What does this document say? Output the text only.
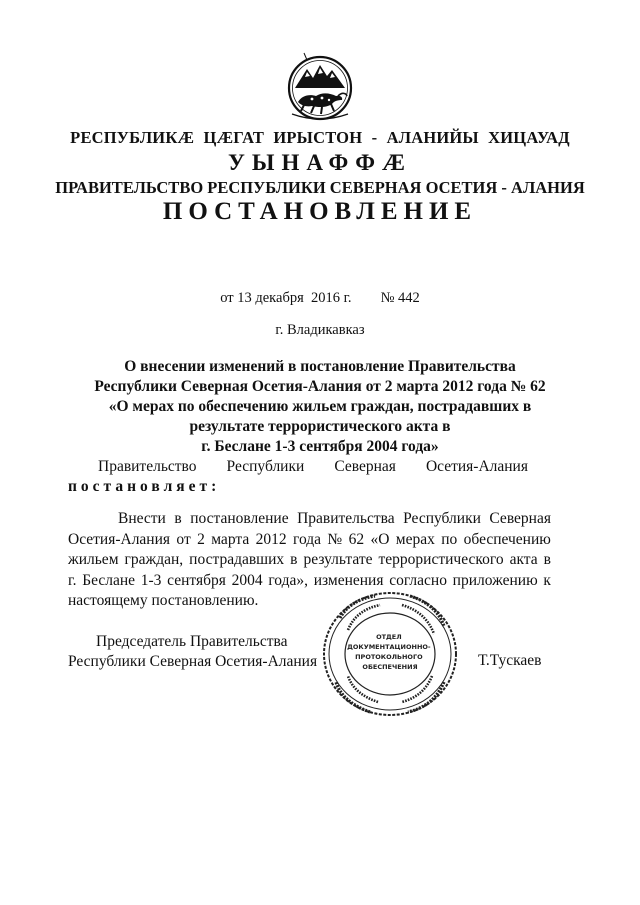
РЕСПУБЛИКÆ ЦÆГАТ ИРЫСТОН - АЛАНИЙЫ ХИЦАУАД
УЫНАФФÆ
ПРАВИТЕЛЬСТВО РЕСПУБЛИКИ СЕВЕРНАЯ ОСЕТИЯ - АЛАНИЯ
ПОСТАНОВЛЕНИЕ
от 13 декабря  2016 г. № 442
г. Владикавказ
О внесении изменений в постановление Правительства
Республики Северная Осетия-Алания от 2 марта 2012 года № 62
«О мерах по обеспечению жильем граждан, пострадавших в
результате террористического акта в
г. Беслане 1-3 сентября 2004 года»
Правительство Республики Северная Осетия-Алания
постановляет:
Внести в постановление Правительства Республики Северная
Осетия-Алания от 2 марта 2012 года № 62 «О мерах по обеспечению
жильем граждан, пострадавших в результате террористического акта в
г. Беслане 1-3 сентября 2004 года», изменения согласно приложению к
настоящему постановлению.
Председатель Правительства
Республики Северная Осетия-Алания
ОТДЕЛ ДОКУМЕНТАЦИОННО- ПРОТОКОЛЬНОГО ОБЕСПЕЧЕНИЯ	Т.Тускаев
